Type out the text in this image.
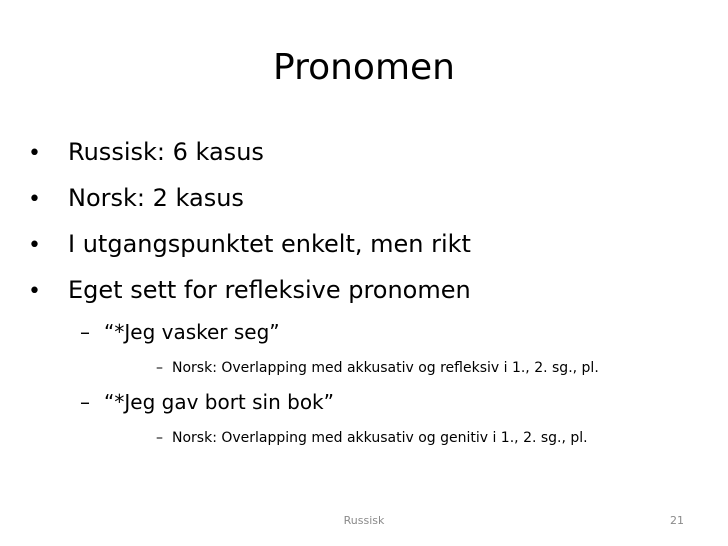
Pronomen
•	Russisk: 6 kasus
•	Norsk: 2 kasus
•	I utgangspunktet enkelt, men rikt
•	Eget sett for refleksive pronomen
– “*Jeg vasker seg”
– Norsk: Overlapping med akkusativ og refleksiv i 1., 2. sg., pl.
– “*Jeg gav bort sin bok”
– Norsk: Overlapping med akkusativ og genitiv i 1., 2. sg., pl.
Russisk	21
